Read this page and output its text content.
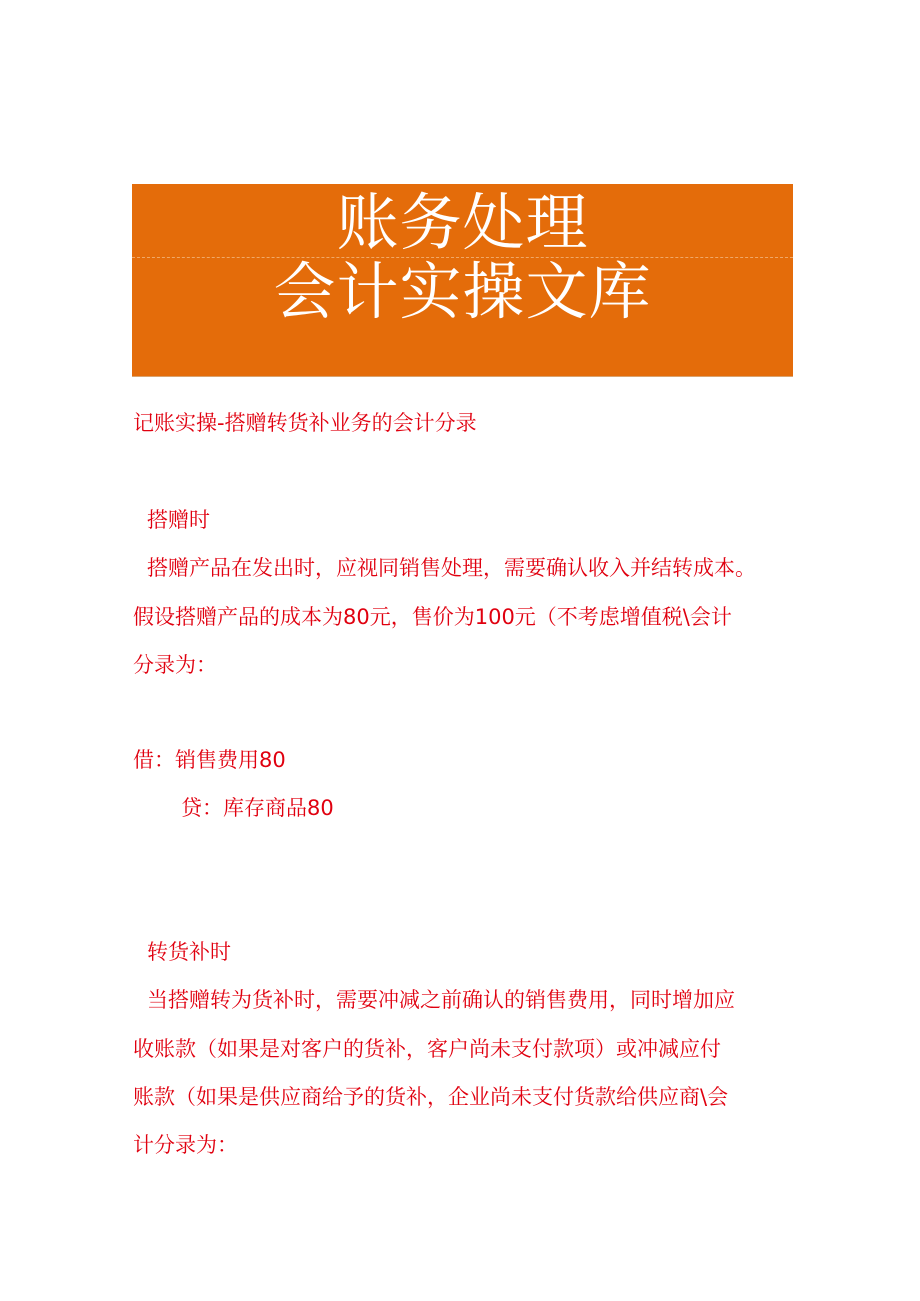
账务处理
会计实操文库
记账实操-搭赠转货补业务的会计分录
搭赠时
搭赠产品在发出时，应视同销售处理，需要确认收入并结转成本。
假设搭赠产品的成本为80元，售价为100元（不考虑增值税\会计
分录为：
借：销售费用80
贷：库存商品80
转货补时
当搭赠转为货补时，需要冲减之前确认的销售费用，同时增加应
收账款（如果是对客户的货补，客户尚未支付款项）或冲减应付
账款（如果是供应商给予的货补，企业尚未支付货款给供应商\会
计分录为：
